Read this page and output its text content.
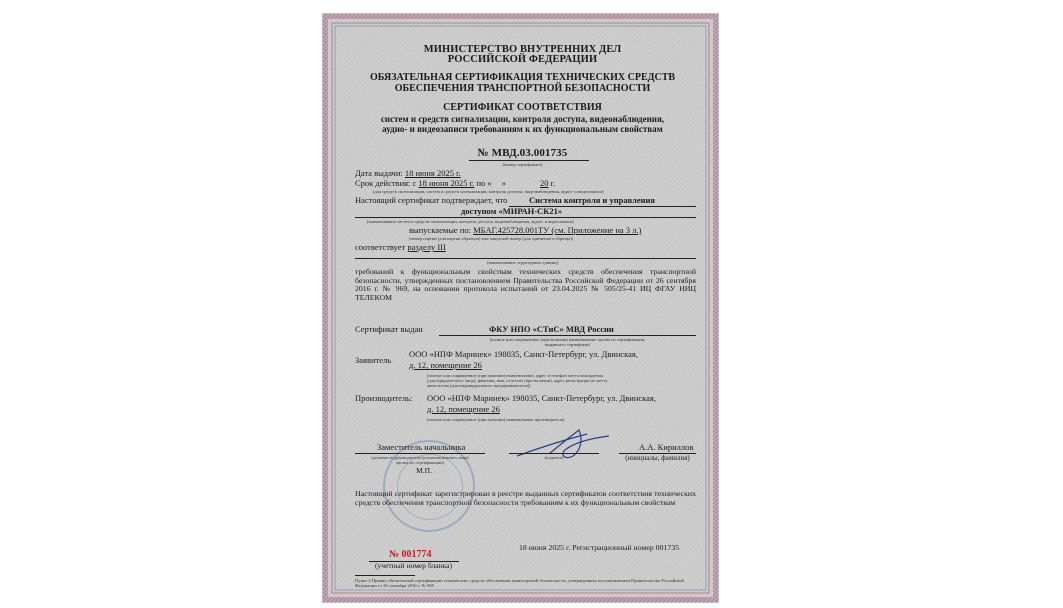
МИНИСТЕРСТВО ВНУТРЕННИХ ДЕЛ
РОССИЙСКОЙ ФЕДЕРАЦИИ
ОБЯЗАТЕЛЬНАЯ СЕРТИФИКАЦИЯ ТЕХНИЧЕСКИХ СРЕДСТВ
ОБЕСПЕЧЕНИЯ ТРАНСПОРТНОЙ БЕЗОПАСНОСТИ
СЕРТИФИКАТ СООТВЕТСТВИЯ
систем и средств сигнализации, контроля доступа, видеонаблюдения,
аудио- и видеозаписи требованиям к их функциональным свойствам
№ МВД.03.001735
(номер сертификата)
Дата выдачи: 18 июня 2025 г.
Срок действия: с 18 июня 2025 г. по « »	20 г.
(для средств сигнализации, систем и средств сигнализации, контроля доступа, видеонаблюдения, аудио- и видеозаписи)
Настоящий сертификат подтверждает, что	Система контроля и управления
доступом «МИРАН-СК21»
(наименование систем и средств сигнализации, контроля доступа, видеонаблюдения, аудио- и видеозаписи)
выпускаемые по: МБАГ.425728.001ТУ (см. Приложение на 3 л.)
(номер партии (для партии образцов) или заводской номер (для единичного образца))
соответствует разделу III
(наименование структурных единиц)
требований к функциональным свойствам технических средств обеспечения транспортной безопасности, утвержденных постановлением Правительства Российской Федерации от 26 сентября 2016 г. № 969, на основании протокола испытаний от 23.04.2025 № 505/25-41 ИЦ ФГАУ НИЦ ТЕЛЕКОМ
Сертификат выдан	ФКУ НПО «СТиС» МВД России
(полное или сокращенное (при наличии) наименование органа по сертификации,
выдавшего сертификат)
Заявитель
ООО «НПФ Маринек» 198035, Санкт-Петербург, ул. Двинская,
д. 12, помещение 26
(полное или сокращенное (при наличии) наименование, адрес и телефон места нахождения
(для юридического лица); фамилия, имя, отчество (при наличии), адрес регистрации по месту
жительства (для индивидуального предпринимателя))
Производитель: ООО «НПФ Маринек» 198035, Санкт-Петербург, ул. Двинская,
д. 12, помещение 26
(полное или сокращенное (при наличии) наименование производителя)
Заместитель начальника
(должность руководителя (уполномоченного лица)
органа по сертификации)
М.П.
(подпись)
А.А. Кириллов
(инициалы, фамилия)
Настоящий сертификат зарегистрирован в реестре выданных сертификатов соответствия технических средств обеспечения транспортной безопасности требованиям к их функциональным свойствам
18 июня 2025 г. Регистрационный номер 001735
№ 001774
(учетный номер бланка)
Пункт 4 Правил обязательной сертификации технических средств обеспечения транспортной безопасности, утвержденных постановлением Правительства Российской Федерации от 26 сентября 2016 г. № 969
